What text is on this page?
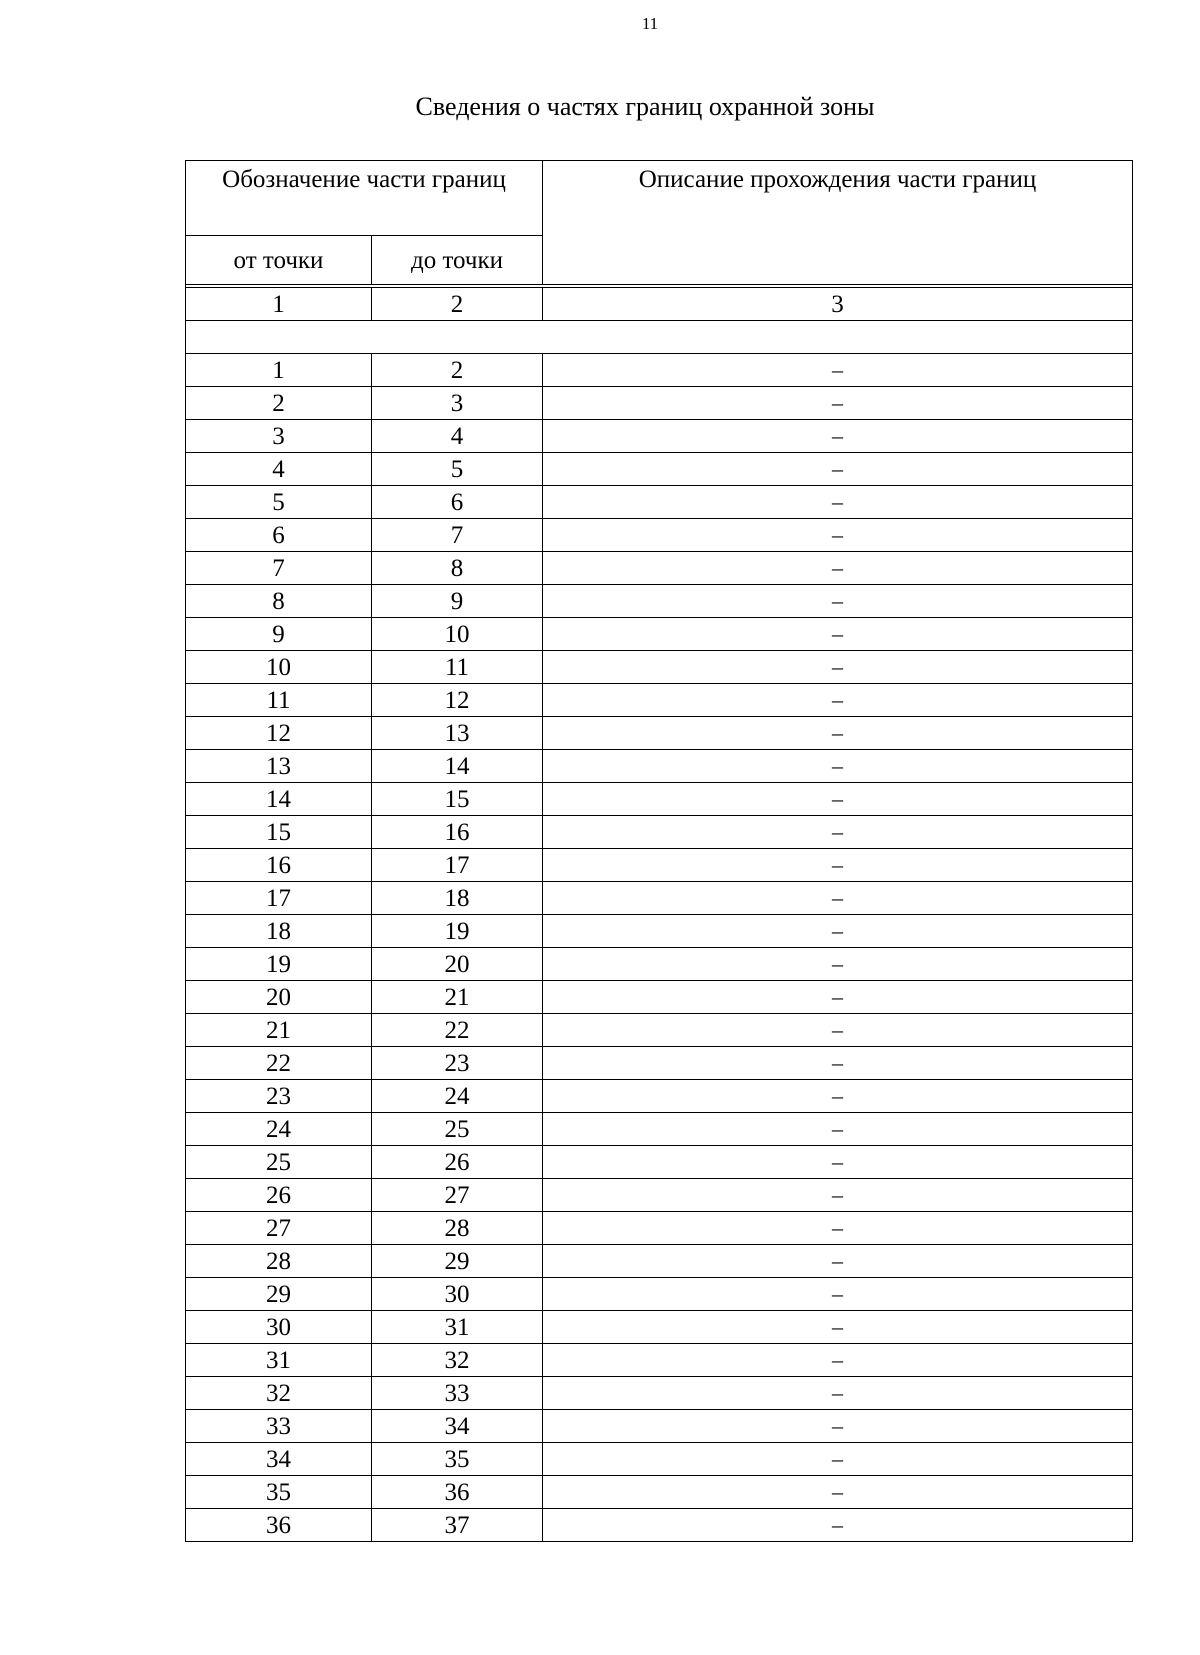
11
Сведения о частях границ охранной зоны
Обозначение части границ		Описание прохождения части границ
от точки	до точки	

1	2	3

1	2	–
2	3	–
3	4	–
4	5	–
5	6	–
6	7	–
7	8	–
8	9	–
9	10	–
10	11	–
11	12	–
12	13	–
13	14	–
14	15	–
15	16	–
16	17	–
17	18	–
18	19	–
19	20	–
20	21	–
21	22	–
22	23	–
23	24	–
24	25	–
25	26	–
26	27	–
27	28	–
28	29	–
29	30	–
30	31	–
31	32	–
32	33	–
33	34	–
34	35	–
35	36	–
36	37	–
